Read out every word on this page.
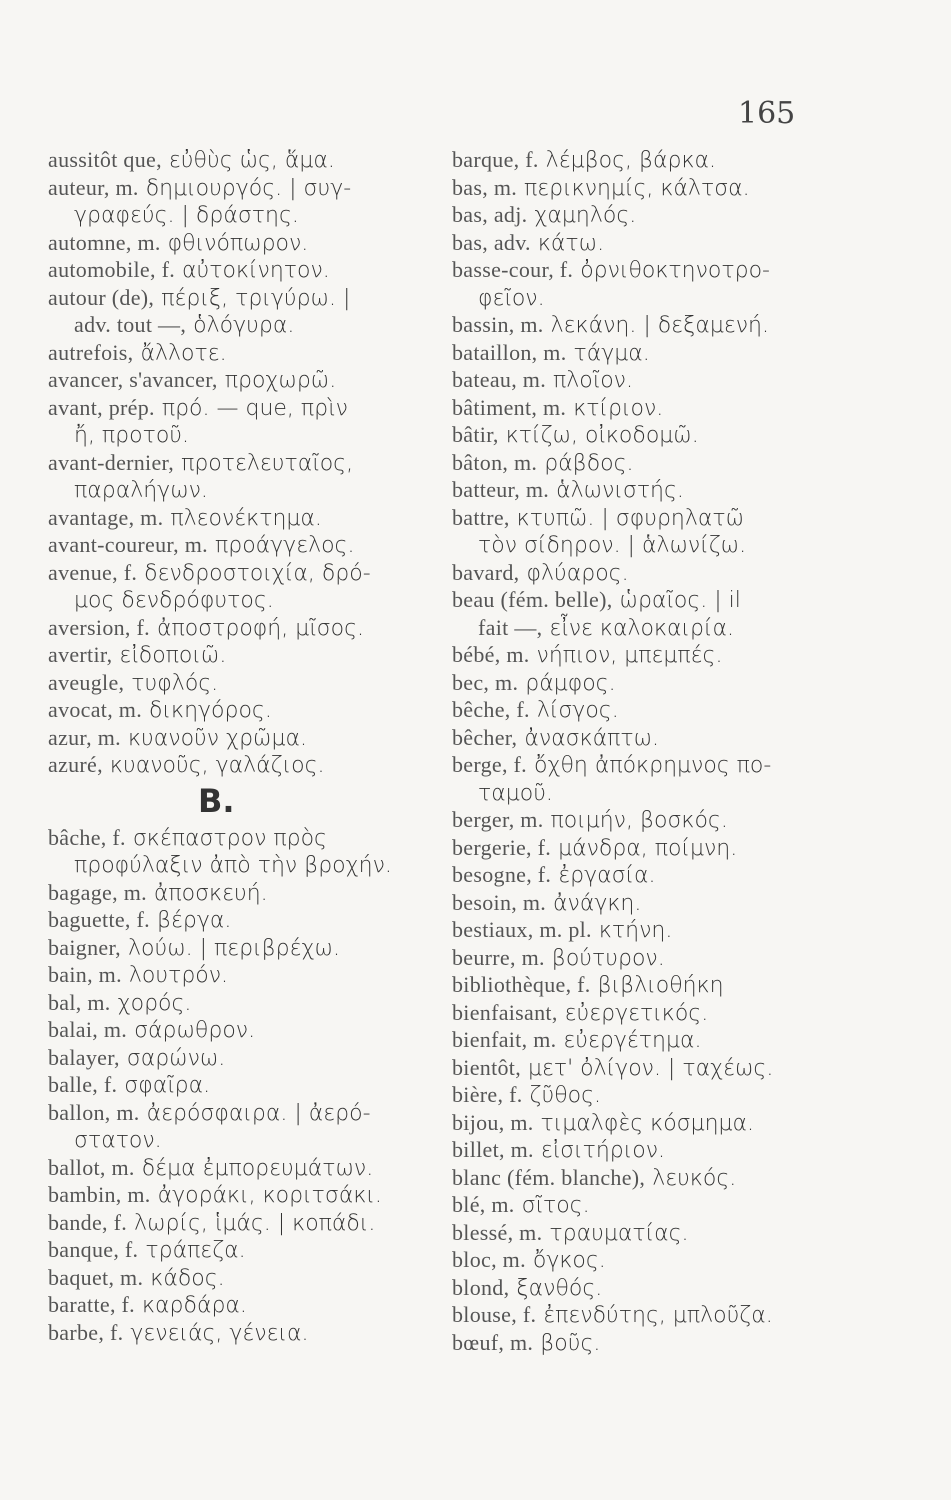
165
aussitôt que, εὐθὺς ὡς, ἅμα.
auteur, m. δημιουργός. | συγ-
γραφεύς. | δράστης.
automne, m. φθινόπωρον.
automobile, f. αὐτοκίνητον.
autour (de), πέριξ, τριγύρω. |
adv. tout —, ὁλόγυρα.
autrefois, ἄλλοτε.
avancer, s'avancer, προχωρῶ.
avant, prép. πρό. — que, πρὶν
ἤ, προτοῦ.
avant-dernier, προτελευταῖος,
παραλήγων.
avantage, m. πλεονέκτημα.
avant-coureur, m. προάγγελος.
avenue, f. δενδροστοιχία, δρό-
μος δενδρόφυτος.
aversion, f. ἀποστροφή, μῖσος.
avertir, εἰδοποιῶ.
aveugle, τυφλός.
avocat, m. δικηγόρος.
azur, m. κυανοῦν χρῶμα.
azuré, κυανοῦς, γαλάζιος.
B.
bâche, f. σκέπαστρον πρὸς
προφύλαξιν ἀπὸ τὴν βροχήν.
bagage, m. ἀποσκευή.
baguette, f. βέργα.
baigner, λούω. | περιβρέχω.
bain, m. λουτρόν.
bal, m. χορός.
balai, m. σάρωθρον.
balayer, σαρώνω.
balle, f. σφαῖρα.
ballon, m. ἀερόσφαιρα. | ἀερό-
στατον.
ballot, m. δέμα ἐμπορευμάτων.
bambin, m. ἀγοράκι, κοριτσάκι.
bande, f. λωρίς, ἱμάς. | κοπάδι.
banque, f. τράπεζα.
baquet, m. κάδος.
baratte, f. καρδάρα.
barbe, f. γενειάς, γένεια.
barque, f. λέμβος, βάρκα.
bas, m. περικνημίς, κάλτσα.
bas, adj. χαμηλός.
bas, adv. κάτω.
basse-cour, f. ὀρνιθοκτηνοτρο-
φεῖον.
bassin, m. λεκάνη. | δεξαμενή.
bataillon, m. τάγμα.
bateau, m. πλοῖον.
bâtiment, m. κτίριον.
bâtir, κτίζω, οἰκοδομῶ.
bâton, m. ράβδος.
batteur, m. ἁλωνιστής.
battre, κτυπῶ. | σφυρηλατῶ
τὸν σίδηρον. | ἁλωνίζω.
bavard, φλύαρος.
beau (fém. belle), ὡραῖος. | il
fait —, εἶνε καλοκαιρία.
bébé, m. νήπιον, μπεμπές.
bec, m. ράμφος.
bêche, f. λίσγος.
bêcher, ἀνασκάπτω.
berge, f. ὄχθη ἀπόκρημνος πο-
ταμοῦ.
berger, m. ποιμήν, βοσκός.
bergerie, f. μάνδρα, ποίμνη.
besogne, f. ἐργασία.
besoin, m. ἀνάγκη.
bestiaux, m. pl. κτήνη.
beurre, m. βούτυρον.
bibliothèque, f. βιβλιοθήκη
bienfaisant, εὐεργετικός.
bienfait, m. εὐεργέτημα.
bientôt, μετ' ὀλίγον. | ταχέως.
bière, f. ζῦθος.
bijou, m. τιμαλφὲς κόσμημα.
billet, m. εἰσιτήριον.
blanc (fém. blanche), λευκός.
blé, m. σῖτος.
blessé, m. τραυματίας.
bloc, m. ὄγκος.
blond, ξανθός.
blouse, f. ἐπενδύτης, μπλοῦζα.
bœuf, m. βοῦς.
